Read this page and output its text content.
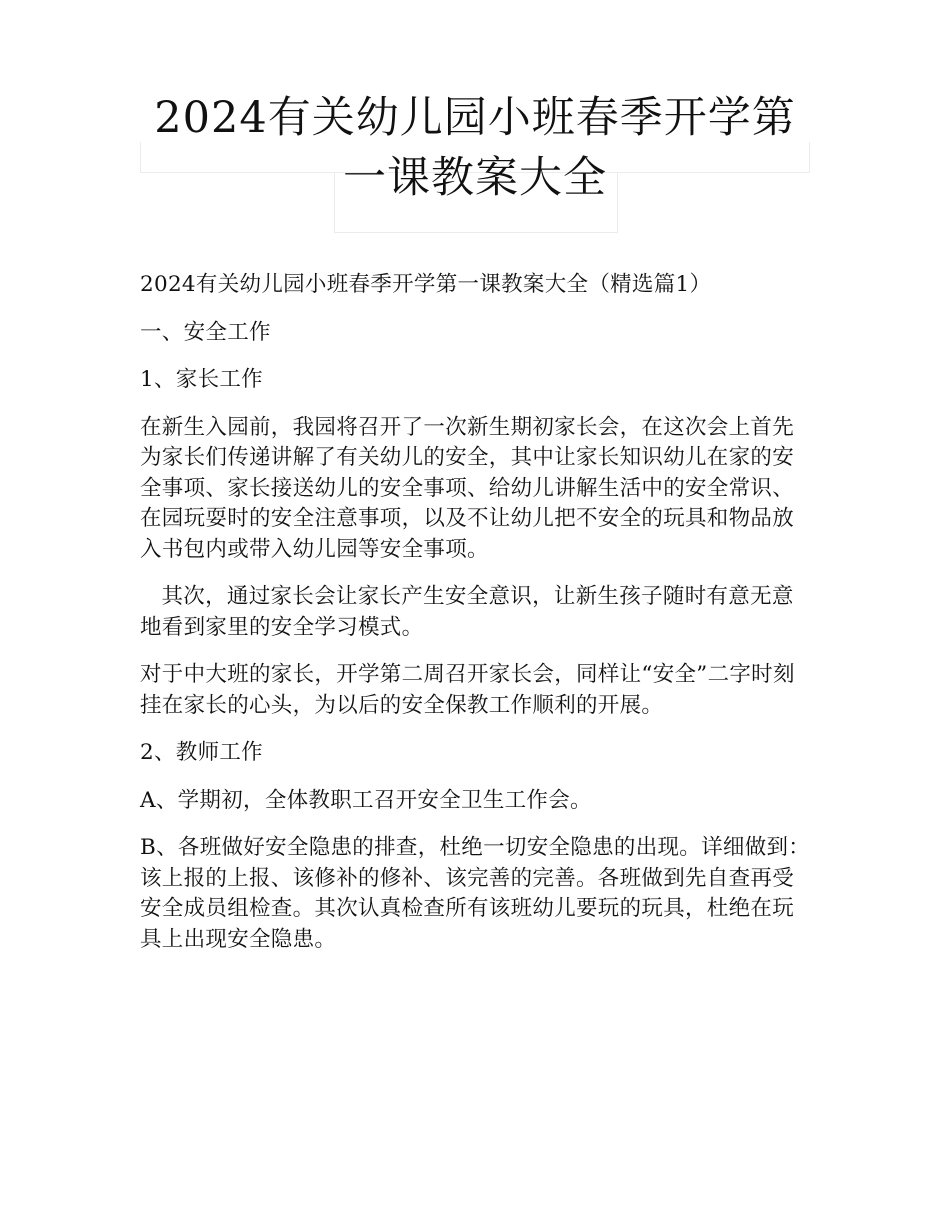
2024有关幼儿园小班春季开学第一课教案大全

2024有关幼儿园小班春季开学第一课教案大全（精选篇1）

一、安全工作

1、家长工作

在新生入园前，我园将召开了一次新生期初家长会，在这次会上首先为家长们传递讲解了有关幼儿的安全，其中让家长知识幼儿在家的安全事项、家长接送幼儿的安全事项、给幼儿讲解生活中的安全常识、在园玩耍时的安全注意事项，以及不让幼儿把不安全的玩具和物品放入书包内或带入幼儿园等安全事项。

其次，通过家长会让家长产生安全意识，让新生孩子随时有意无意地看到家里的安全学习模式。

对于中大班的家长，开学第二周召开家长会，同样让“安全”二字时刻挂在家长的心头，为以后的安全保教工作顺利的开展。

2、教师工作

A、学期初，全体教职工召开安全卫生工作会。

B、各班做好安全隐患的排查，杜绝一切安全隐患的出现。详细做到：该上报的上报、该修补的修补、该完善的完善。各班做到先自查再受安全成员组检查。其次认真检查所有该班幼儿要玩的玩具，杜绝在玩具上出现安全隐患。
